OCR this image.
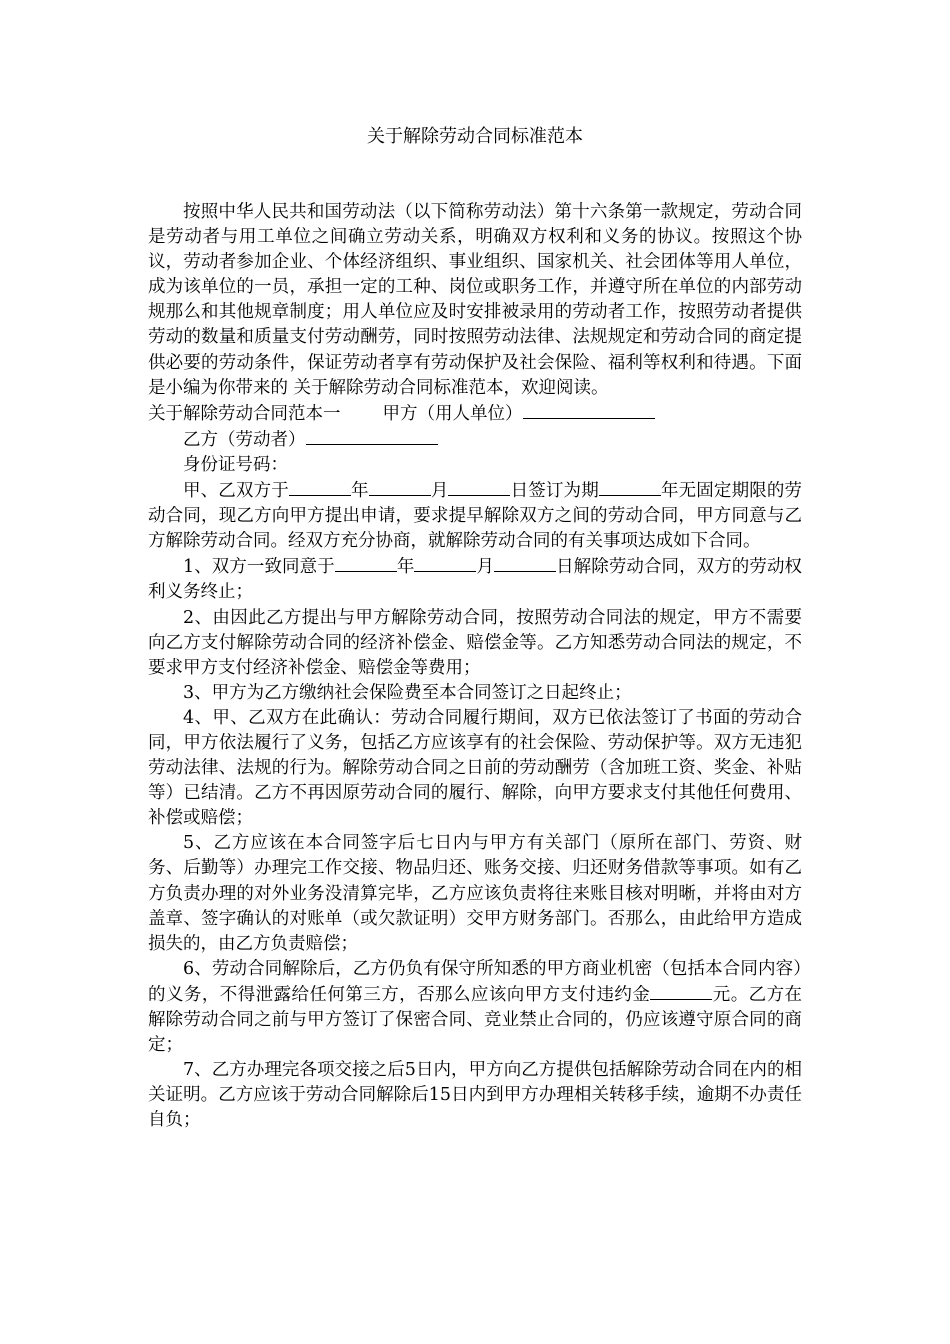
关于解除劳动合同标准范本

按照中华人民共和国劳动法（以下简称劳动法）第十六条第一款规定，劳动合同是劳动者与用工单位之间确立劳动关系，明确双方权利和义务的协议。按照这个协议，劳动者参加企业、个体经济组织、事业组织、国家机关、社会团体等用人单位，成为该单位的一员，承担一定的工种、岗位或职务工作，并遵守所在单位的内部劳动规那么和其他规章制度；用人单位应及时安排被录用的劳动者工作，按照劳动者提供劳动的数量和质量支付劳动酬劳，同时按照劳动法律、法规规定和劳动合同的商定提供必要的劳动条件，保证劳动者享有劳动保护及社会保险、福利等权利和待遇。下面是小编为你带来的 关于解除劳动合同标准范本，欢迎阅读。

关于解除劳动合同范本一 甲方（用人单位）

乙方（劳动者）

身份证号码：

甲、乙双方于	年	月	日签订为期	年无固定期限的劳动合同，现乙方向甲方提出申请，要求提早解除双方之间的劳动合同，甲方同意与乙方解除劳动合同。经双方充分协商，就解除劳动合同的有关事项达成如下合同。

1、双方一致同意于	年	月	日解除劳动合同，双方的劳动权利义务终止；

2、由因此乙方提出与甲方解除劳动合同，按照劳动合同法的规定，甲方不需要向乙方支付解除劳动合同的经济补偿金、赔偿金等。乙方知悉劳动合同法的规定，不要求甲方支付经济补偿金、赔偿金等费用；

3、甲方为乙方缴纳社会保险费至本合同签订之日起终止；

4、甲、乙双方在此确认：劳动合同履行期间，双方已依法签订了书面的劳动合同，甲方依法履行了义务，包括乙方应该享有的社会保险、劳动保护等。双方无违犯劳动法律、法规的行为。解除劳动合同之日前的劳动酬劳（含加班工资、奖金、补贴等）已结清。乙方不再因原劳动合同的履行、解除，向甲方要求支付其他任何费用、补偿或赔偿；

5、乙方应该在本合同签字后七日内与甲方有关部门（原所在部门、劳资、财务、后勤等）办理完工作交接、物品归还、账务交接、归还财务借款等事项。如有乙方负责办理的对外业务没清算完毕，乙方应该负责将往来账目核对明晰，并将由对方盖章、签字确认的对账单（或欠款证明）交甲方财务部门。否那么，由此给甲方造成损失的，由乙方负责赔偿；

6、劳动合同解除后，乙方仍负有保守所知悉的甲方商业机密（包括本合同内容）的义务，不得泄露给任何第三方，否那么应该向甲方支付违约金	元。乙方在解除劳动合同之前与甲方签订了保密合同、竞业禁止合同的，仍应该遵守原合同的商定；

7、乙方办理完各项交接之后5日内，甲方向乙方提供包括解除劳动合同在内的相关证明。乙方应该于劳动合同解除后15日内到甲方办理相关转移手续，逾期不办责任自负；
